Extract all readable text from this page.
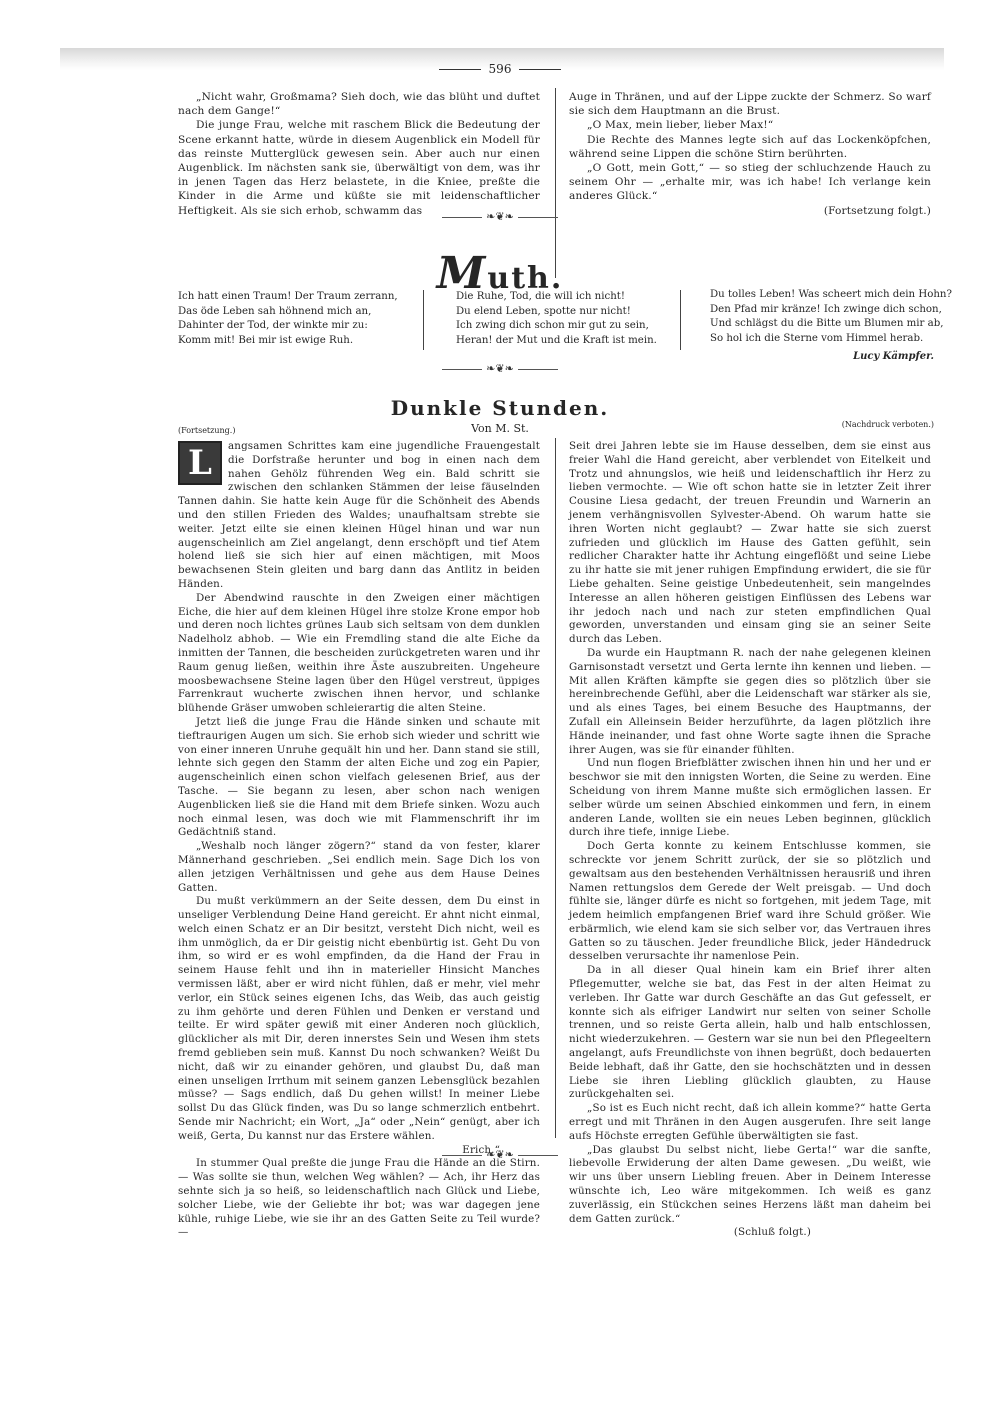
596

„Nicht wahr, Großmama? Sieh doch, wie das blüht und duftet nach dem Gange!“

Die junge Frau, welche mit raschem Blick die Bedeutung der Scene erkannt hatte, würde in diesem Augenblick ein Modell für das reinste Mutterglück gewesen sein. Aber auch nur einen Augenblick. Im nächsten sank sie, überwältigt von dem, was ihr in jenen Tagen das Herz belastete, in die Kniee, preßte die Kinder in die Arme und küßte sie mit leidenschaftlicher Heftigkeit. Als sie sich erhob, schwamm das

Auge in Thränen, und auf der Lippe zuckte der Schmerz. So warf sie sich dem Hauptmann an die Brust.

„O Max, mein lieber, lieber Max!“

Die Rechte des Mannes legte sich auf das Lockenköpfchen, während seine Lippen die schöne Stirn berührten.

„O Gott, mein Gott,“ — so stieg der schluchzende Hauch zu seinem Ohr — „erhalte mir, was ich habe! Ich verlange kein anderes Glück.“

(Fortsetzung folgt.)
❧❦❧
Muth.
Ich hatt einen Traum! Der Traum zerrann,
Das öde Leben sah höhnend mich an,
Dahinter der Tod, der winkte mir zu:
Komm mit! Bei mir ist ewige Ruh.
Die Ruhe, Tod, die will ich nicht!
Du elend Leben, spotte nur nicht!
Ich zwing dich schon mir gut zu sein,
Heran! der Mut und die Kraft ist mein.
Du tolles Leben! Was scheert mich dein Hohn?
Den Pfad mir kränze! Ich zwinge dich schon,
Und schlägst du die Bitte um Blumen mir ab,
So hol ich die Sterne vom Himmel herab.
Lucy Kämpfer.
❧❦❧
Dunkle Stunden.
Von M. St.
(Fortsetzung.)
(Nachdruck verboten.)

L	angsamen Schrittes kam eine jugendliche Frauengestalt die Dorfstraße herunter und bog in einen nach dem nahen Gehölz führenden Weg ein. Bald schritt sie zwischen den schlanken Stämmen der leise fäuselnden Tannen dahin. Sie hatte kein Auge für die Schönheit des Abends und den stillen Frieden des Waldes; unaufhaltsam strebte sie weiter. Jetzt eilte sie einen kleinen Hügel hinan und war nun augenscheinlich am Ziel angelangt, denn erschöpft und tief Atem holend ließ sie sich hier auf einen mächtigen, mit Moos bewachsenen Stein gleiten und barg dann das Antlitz in beiden Händen.

Der Abendwind rauschte in den Zweigen einer mächtigen Eiche, die hier auf dem kleinen Hügel ihre stolze Krone empor hob und deren noch lichtes grünes Laub sich seltsam von dem dunklen Nadelholz abhob. — Wie ein Fremdling stand die alte Eiche da inmitten der Tannen, die bescheiden zurückgetreten waren und ihr Raum genug ließen, weithin ihre Äste auszubreiten. Ungeheure moosbewachsene Steine lagen über den Hügel verstreut, üppiges Farrenkraut wucherte zwischen ihnen hervor, und schlanke blühende Gräser umwoben schleierartig die alten Steine.

Jetzt ließ die junge Frau die Hände sinken und schaute mit tieftraurigen Augen um sich. Sie erhob sich wieder und schritt wie von einer inneren Unruhe gequält hin und her. Dann stand sie still, lehnte sich gegen den Stamm der alten Eiche und zog ein Papier, augenscheinlich einen schon vielfach gelesenen Brief, aus der Tasche. — Sie begann zu lesen, aber schon nach wenigen Augenblicken ließ sie die Hand mit dem Briefe sinken. Wozu auch noch einmal lesen, was doch wie mit Flammenschrift ihr im Gedächtniß stand.

„Weshalb noch länger zögern?“ stand da von fester, klarer Männerhand geschrieben. „Sei endlich mein. Sage Dich los von allen jetzigen Verhältnissen und gehe aus dem Hause Deines Gatten.

Du mußt verkümmern an der Seite dessen, dem Du einst in unseliger Verblendung Deine Hand gereicht. Er ahnt nicht einmal, welch einen Schatz er an Dir besitzt, versteht Dich nicht, weil es ihm unmöglich, da er Dir geistig nicht ebenbürtig ist. Geht Du von ihm, so wird er es wohl empfinden, da die Hand der Frau in seinem Hause fehlt und ihn in materieller Hinsicht Manches vermissen läßt, aber er wird nicht fühlen, daß er mehr, viel mehr verlor, ein Stück seines eigenen Ichs, das Weib, das auch geistig zu ihm gehörte und deren Fühlen und Denken er verstand und teilte. Er wird später gewiß mit einer Anderen noch glücklich, glücklicher als mit Dir, deren innerstes Sein und Wesen ihm stets fremd geblieben sein muß. Kannst Du noch schwanken? Weißt Du nicht, daß wir zu einander gehören, und glaubst Du, daß man einen unseligen Irrthum mit seinem ganzen Lebensglück bezahlen müsse? — Sags endlich, daß Du gehen willst! In meiner Liebe sollst Du das Glück finden, was Du so lange schmerzlich entbehrt. Sende mir Nachricht; ein Wort, „Ja“ oder „Nein“ genügt, aber ich weiß, Gerta, Du kannst nur das Erstere wählen.

Erich.“

In stummer Qual preßte die junge Frau die Hände an die Stirn. — Was sollte sie thun, welchen Weg wählen? — Ach, ihr Herz das sehnte sich ja so heiß, so leidenschaftlich nach Glück und Liebe, solcher Liebe, wie der Geliebte ihr bot; was war dagegen jene kühle, ruhige Liebe, wie sie ihr an des Gatten Seite zu Teil wurde? —

Seit drei Jahren lebte sie im Hause desselben, dem sie einst aus freier Wahl die Hand gereicht, aber verblendet von Eitelkeit und Trotz und ahnungslos, wie heiß und leidenschaftlich ihr Herz zu lieben vermochte. — Wie oft schon hatte sie in letzter Zeit ihrer Cousine Liesa gedacht, der treuen Freundin und Warnerin an jenem verhängnisvollen Sylvester-Abend. Oh warum hatte sie ihren Worten nicht geglaubt? — Zwar hatte sie sich zuerst zufrieden und glücklich im Hause des Gatten gefühlt, sein redlicher Charakter hatte ihr Achtung eingeflößt und seine Liebe zu ihr hatte sie mit jener ruhigen Empfindung erwidert, die sie für Liebe gehalten. Seine geistige Unbedeutenheit, sein mangelndes Interesse an allen höheren geistigen Einflüssen des Lebens war ihr jedoch nach und nach zur steten empfindlichen Qual geworden, unverstanden und einsam ging sie an seiner Seite durch das Leben.

Da wurde ein Hauptmann R. nach der nahe gelegenen kleinen Garnisonstadt versetzt und Gerta lernte ihn kennen und lieben. — Mit allen Kräften kämpfte sie gegen dies so plötzlich über sie hereinbrechende Gefühl, aber die Leidenschaft war stärker als sie, und als eines Tages, bei einem Besuche des Hauptmanns, der Zufall ein Alleinsein Beider herzuführte, da lagen plötzlich ihre Hände ineinander, und fast ohne Worte sagte ihnen die Sprache ihrer Augen, was sie für einander fühlten.

Und nun flogen Briefblätter zwischen ihnen hin und her und er beschwor sie mit den innigsten Worten, die Seine zu werden. Eine Scheidung von ihrem Manne mußte sich ermöglichen lassen. Er selber würde um seinen Abschied einkommen und fern, in einem anderen Lande, wollten sie ein neues Leben beginnen, glücklich durch ihre tiefe, innige Liebe.

Doch Gerta konnte zu keinem Entschlusse kommen, sie schreckte vor jenem Schritt zurück, der sie so plötzlich und gewaltsam aus den bestehenden Verhältnissen herausriß und ihren Namen rettungslos dem Gerede der Welt preisgab. — Und doch fühlte sie, länger dürfe es nicht so fortgehen, mit jedem Tage, mit jedem heimlich empfangenen Brief ward ihre Schuld größer. Wie erbärmlich, wie elend kam sie sich selber vor, das Vertrauen ihres Gatten so zu täuschen. Jeder freundliche Blick, jeder Händedruck desselben verursachte ihr namenlose Pein.

Da in all dieser Qual hinein kam ein Brief ihrer alten Pflegemutter, welche sie bat, das Fest in der alten Heimat zu verleben. Ihr Gatte war durch Geschäfte an das Gut gefesselt, er konnte sich als eifriger Landwirt nur selten von seiner Scholle trennen, und so reiste Gerta allein, halb und halb entschlossen, nicht wiederzukehren. — Gestern war sie nun bei den Pflegeeltern angelangt, aufs Freundlichste von ihnen begrüßt, doch bedauerten Beide lebhaft, daß ihr Gatte, den sie hochschätzten und in dessen Liebe sie ihren Liebling glücklich glaubten, zu Hause zurückgehalten sei.

„So ist es Euch nicht recht, daß ich allein komme?“ hatte Gerta erregt und mit Thränen in den Augen ausgerufen. Ihre seit lange aufs Höchste erregten Gefühle überwältigten sie fast.

„Das glaubst Du selbst nicht, liebe Gerta!“ war die sanfte, liebevolle Erwiderung der alten Dame gewesen. „Du weißt, wie wir uns über unsern Liebling freuen. Aber in Deinem Interesse wünschte ich, Leo wäre mitgekommen. Ich weiß es ganz zuverlässig, ein Stückchen seines Herzens läßt man daheim bei dem Gatten zurück.“

(Schluß folgt.)
❧❦❧
